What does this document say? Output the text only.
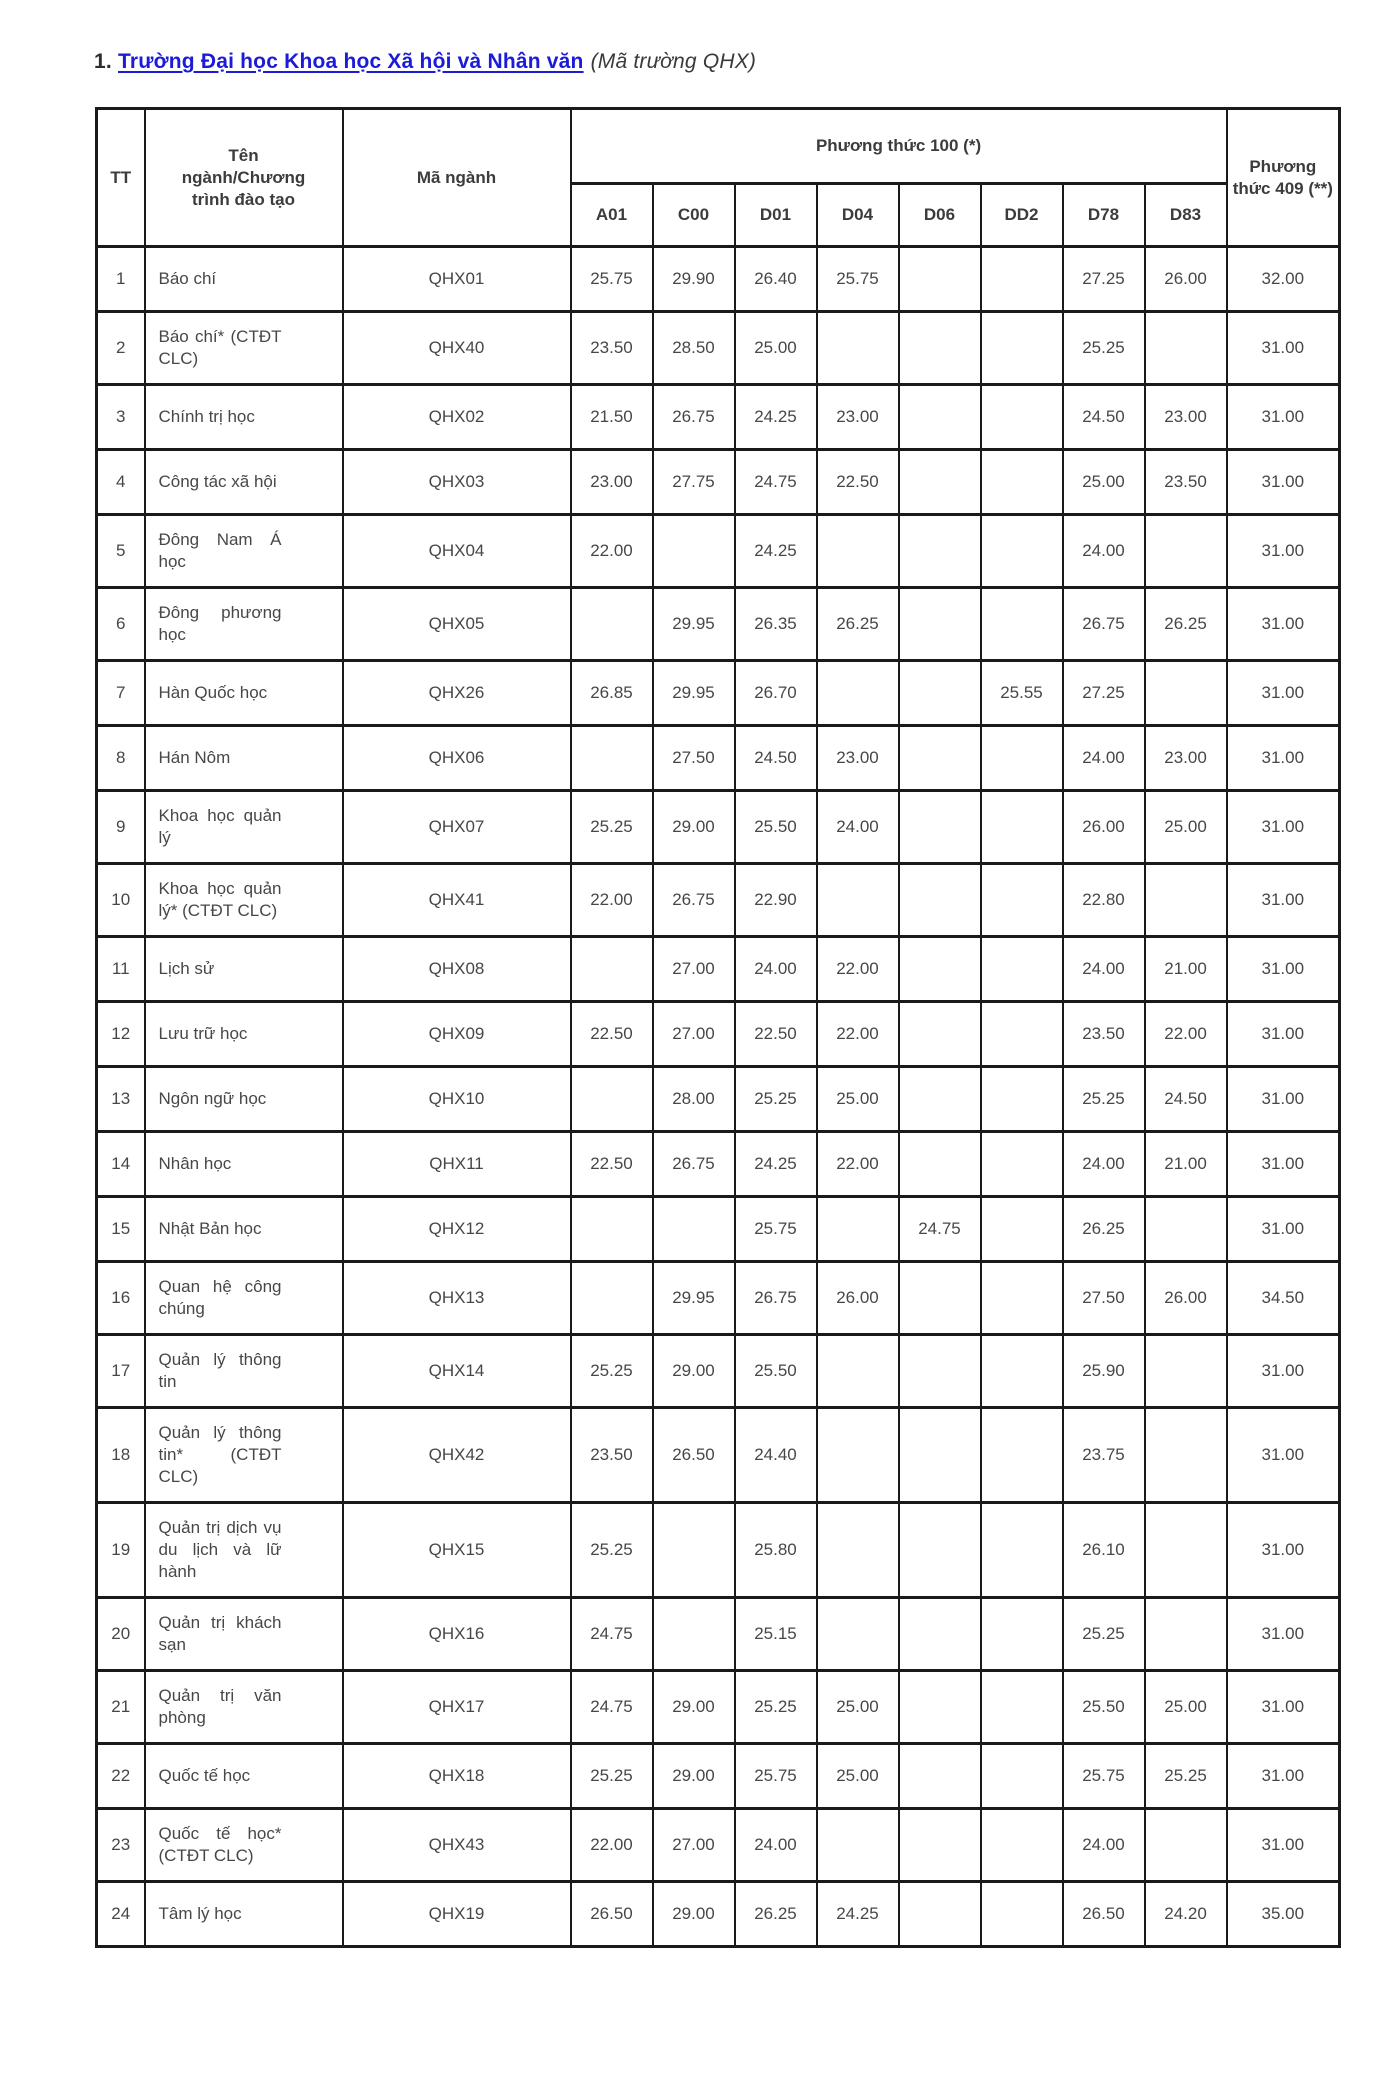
1. Trường Đại học Khoa học Xã hội và Nhân văn (Mã trường QHX)
TT	Tên ngành/Chương trình đào tạo	Mã ngành	Phương thức 100 (*)								Phương thức 409 (**)
			A01	C00	D01	D04	D06	DD2	D78	D83	
1	Báo chí	QHX01	25.75	29.90	26.40	25.75			27.25	26.00	32.00
2	Báo chí* (CTĐT CLC)	QHX40	23.50	28.50	25.00				25.25		31.00
3	Chính trị học	QHX02	21.50	26.75	24.25	23.00			24.50	23.00	31.00
4	Công tác xã hội	QHX03	23.00	27.75	24.75	22.50			25.00	23.50	31.00
5	Đông Nam Á học	QHX04	22.00		24.25				24.00		31.00
6	Đông phương học	QHX05		29.95	26.35	26.25			26.75	26.25	31.00
7	Hàn Quốc học	QHX26	26.85	29.95	26.70			25.55	27.25		31.00
8	Hán Nôm	QHX06		27.50	24.50	23.00			24.00	23.00	31.00
9	Khoa học quản lý	QHX07	25.25	29.00	25.50	24.00			26.00	25.00	31.00
10	Khoa học quản lý* (CTĐT CLC)	QHX41	22.00	26.75	22.90				22.80		31.00
11	Lịch sử	QHX08		27.00	24.00	22.00			24.00	21.00	31.00
12	Lưu trữ học	QHX09	22.50	27.00	22.50	22.00			23.50	22.00	31.00
13	Ngôn ngữ học	QHX10		28.00	25.25	25.00			25.25	24.50	31.00
14	Nhân học	QHX11	22.50	26.75	24.25	22.00			24.00	21.00	31.00
15	Nhật Bản học	QHX12			25.75		24.75		26.25		31.00
16	Quan hệ công chúng	QHX13		29.95	26.75	26.00			27.50	26.00	34.50
17	Quản lý thông tin	QHX14	25.25	29.00	25.50				25.90		31.00
18	Quản lý thông tin* (CTĐT CLC)	QHX42	23.50	26.50	24.40				23.75		31.00
19	Quản trị dịch vụ du lịch và lữ hành	QHX15	25.25		25.80				26.10		31.00
20	Quản trị khách sạn	QHX16	24.75		25.15				25.25		31.00
21	Quản trị văn phòng	QHX17	24.75	29.00	25.25	25.00			25.50	25.00	31.00
22	Quốc tế học	QHX18	25.25	29.00	25.75	25.00			25.75	25.25	31.00
23	Quốc tế học* (CTĐT CLC)	QHX43	22.00	27.00	24.00				24.00		31.00
24	Tâm lý học	QHX19	26.50	29.00	26.25	24.25			26.50	24.20	35.00
